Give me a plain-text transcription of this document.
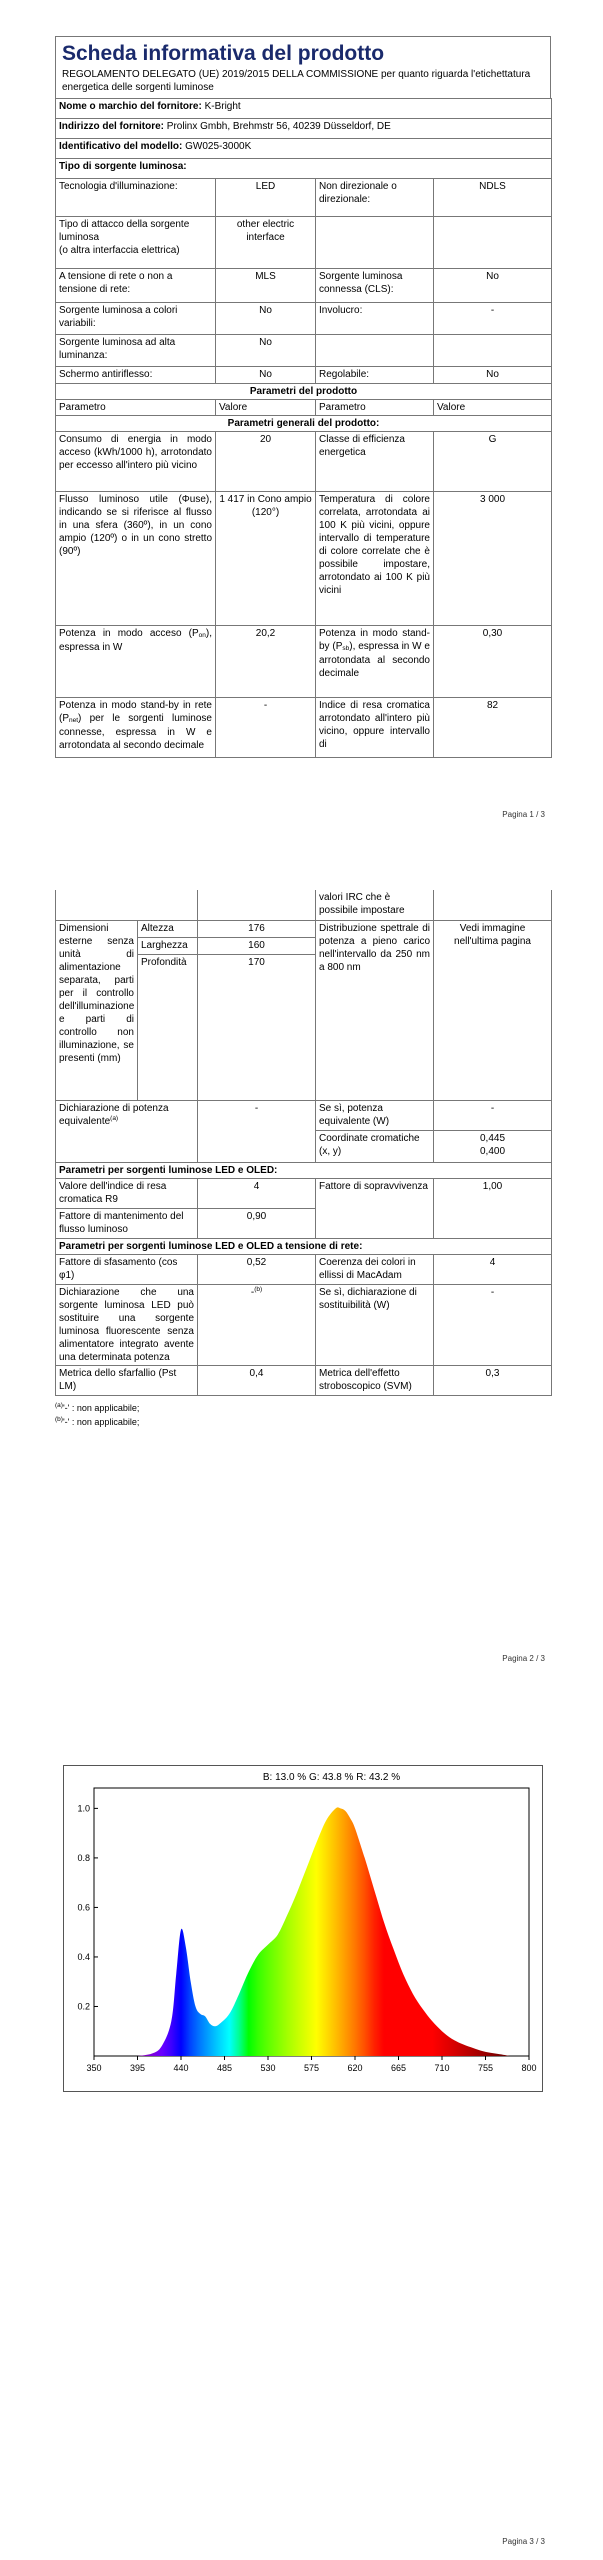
Scheda informativa del prodotto
REGOLAMENTO DELEGATO (UE) 2019/2015 DELLA COMMISSIONE per quanto riguarda l'etichettatura energetica delle sorgenti luminose
Nome o marchio del fornitore: K-Bright			
Indirizzo del fornitore: Prolinx Gmbh, Brehmstr 56, 40239 Düsseldorf, DE			
Identificativo del modello: GW025-3000K			
Tipo di sorgente luminosa:			
Tecnologia d'illuminazione:	LED	Non direzionale o direzionale:	NDLS
Tipo di attacco della sorgente luminosa
(o altra interfaccia elettrica)	other electric interface		
A tensione di rete o non a tensione di rete:	MLS	Sorgente luminosa connessa (CLS):	No
Sorgente luminosa a colori variabili:	No	Involucro:	-
Sorgente luminosa ad alta luminanza:	No		
Schermo antiriflesso:	No	Regolabile:	No
Parametri del prodotto			
Parametro	Valore	Parametro	Valore
Parametri generali del prodotto:			
Consumo di energia in modo acceso (kWh/1000 h), arrotondato per eccesso all'intero più vicino	20	Classe di efficienza energetica	G
Flusso luminoso utile (Φuse), indicando se si riferisce al flusso in una sfera (360º), in un cono ampio (120º) o in un cono stretto (90º)	1 417 in Cono ampio (120°)	Temperatura di colore correlata, arrotondata ai 100 K più vicini, oppure intervallo di temperature di colore correlate che è possibile impostare, arrotondato ai 100 K più vicini	3 000
Potenza in modo acceso (Pon), espressa in W	20,2	Potenza in modo stand-by (Psb), espressa in W e arrotondata al secondo decimale	0,30
Potenza in modo stand-by in rete (Pnet) per le sorgenti luminose connesse, espressa in W e arrotondata al secondo decimale	-	Indice di resa cromatica arrotondato all'intero più vicino, oppure intervallo di	82
Pagina 1 / 3
			valori IRC che è possibile impostare	
Dimensioni esterne senza unità di alimentazione separata, parti per il controllo dell'illuminazione e parti di controllo non illuminazione, se presenti (mm)	Altezza	176	Distribuzione spettrale di potenza a pieno carico nell'intervallo da 250 nm a 800 nm	Vedi immagine nell'ultima pagina
	Larghezza	160		
	Profondità	170		
Dichiarazione di potenza equivalente$^{(a)}$		-	Se sì, potenza equivalente (W)	-
			Coordinate cromatiche (x, y)	0,445
0,400

Parametri per sorgenti luminose LED e OLED:				
Valore dell'indice di resa cromatica R9		4	Fattore di sopravvivenza	1,00
Fattore di mantenimento del flusso luminoso		0,90		
Parametri per sorgenti luminose LED e OLED a tensione di rete:				
Fattore di sfasamento (cos φ1)		0,52	Coerenza dei colori in ellissi di MacAdam	4
Dichiarazione che una sorgente luminosa LED può sostituire una sorgente luminosa fluorescente senza alimentatore integrato avente una determinata potenza		-$^{(b)}$	Se sì, dichiarazione di sostituibilità (W)	-
Metrica dello sfarfallio (Pst LM)		0,4	Metrica dell'effetto stroboscopico (SVM)	0,3
$^{(a)}$'-' : non applicabile;
$^{(b)}$'-' : non applicabile;
Pagina 2 / 3
350	395	440	485	530	575	620	665	710	755	800
0.2
0.4
0.6
0.8
1.0
B: 13.0 % G: 43.8 % R: 43.2 %
Pagina 3 / 3
